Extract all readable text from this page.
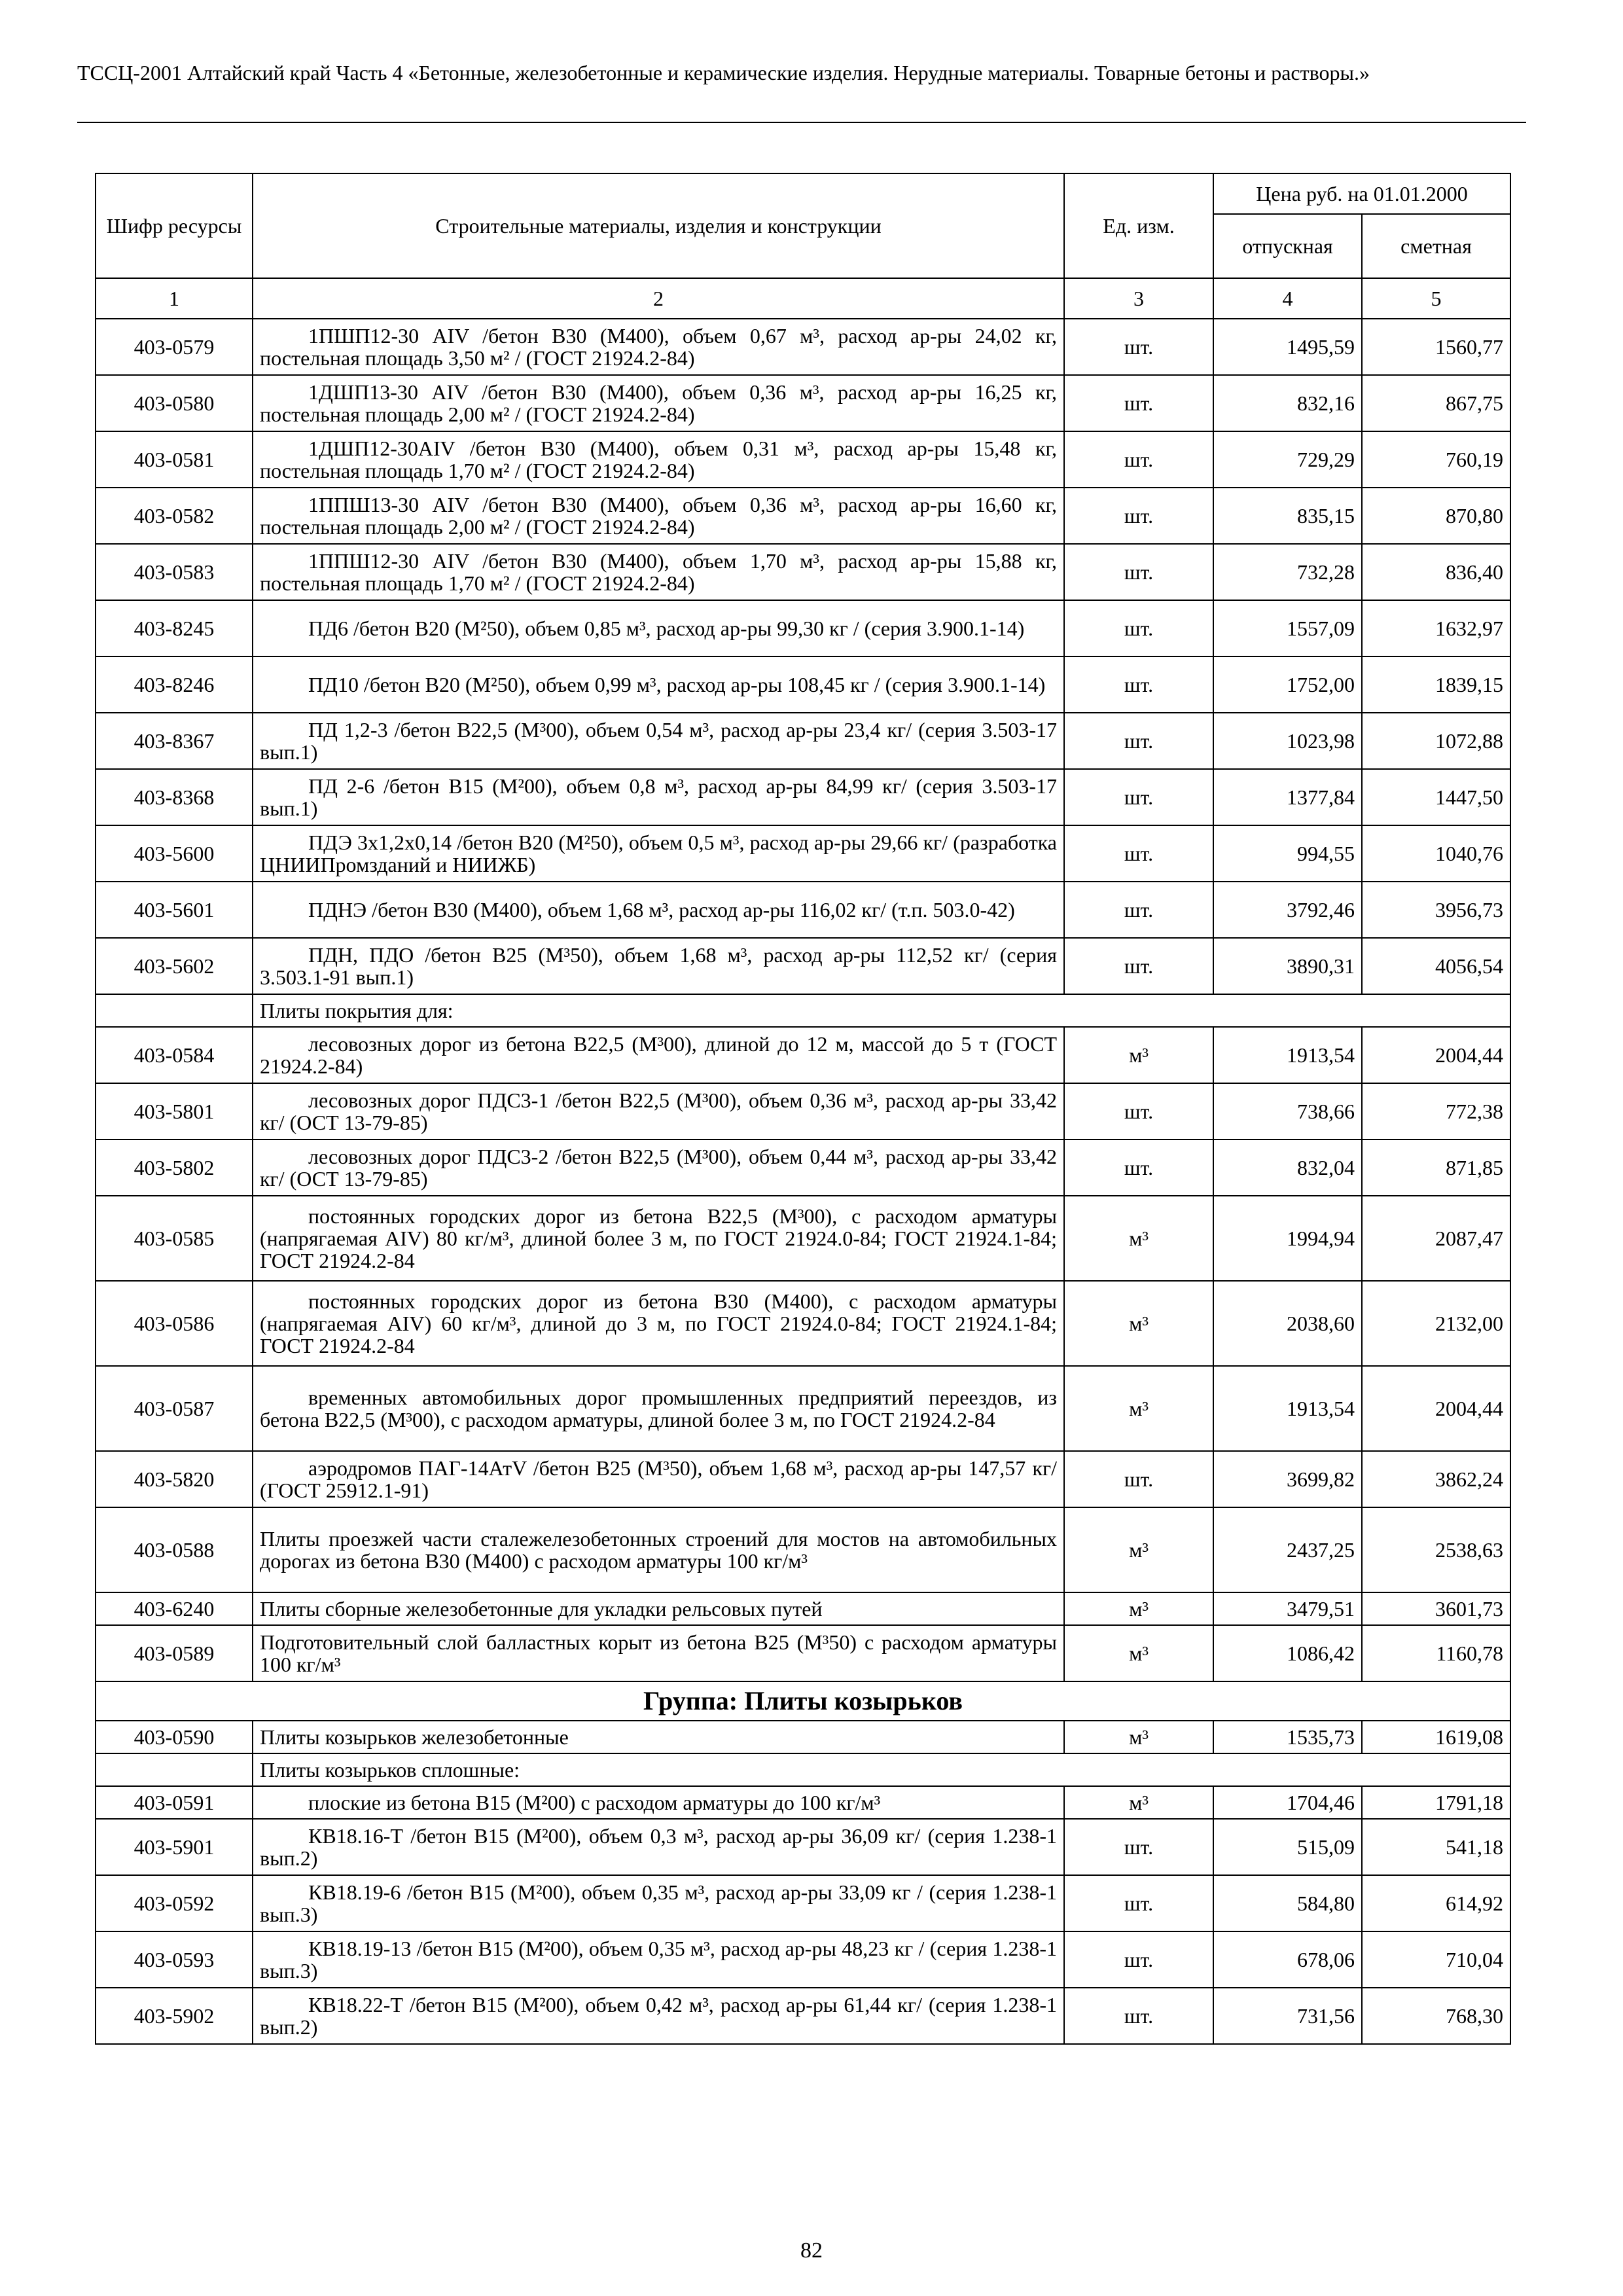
ТССЦ-2001 Алтайский край Часть 4 «Бетонные, железобетонные и керамические изделия. Нерудные материалы. Товарные бетоны и растворы.»
Шифр ресурсы	Строительные материалы, изделия и конструкции	Ед. изм.	Цена руб. на 01.01.2000	
			отпускная	сметная
1	2	3	4	5
403-0579	1ПШП12-30 AIV /бетон В30 (М400), объем 0,67 м³, расход ар-ры 24,02 кг, постельная площадь 3,50 м² / (ГОСТ 21924.2-84)	шт.	1495,59	1560,77
403-0580	1ДШП13-30 AIV /бетон В30 (М400), объем 0,36 м³, расход ар-ры 16,25 кг, постельная площадь 2,00 м² / (ГОСТ 21924.2-84)	шт.	832,16	867,75
403-0581	1ДШП12-30AIV /бетон В30 (М400), объем 0,31 м³, расход ар-ры 15,48 кг, постельная площадь 1,70 м² / (ГОСТ 21924.2-84)	шт.	729,29	760,19
403-0582	1ППШ13-30 AIV /бетон В30 (М400), объем 0,36 м³, расход ар-ры 16,60 кг, постельная площадь 2,00 м² / (ГОСТ 21924.2-84)	шт.	835,15	870,80
403-0583	1ППШ12-30 AIV /бетон В30 (М400), объем 1,70 м³, расход ар-ры 15,88 кг, постельная площадь 1,70 м² / (ГОСТ 21924.2-84)	шт.	732,28	836,40
403-8245	ПД6 /бетон В20 (М²50), объем 0,85 м³, расход ар-ры 99,30 кг / (серия 3.900.1-14)	шт.	1557,09	1632,97
403-8246	ПД10 /бетон В20 (М²50), объем 0,99 м³, расход ар-ры 108,45 кг / (серия 3.900.1-14)	шт.	1752,00	1839,15
403-8367	ПД 1,2-3 /бетон В22,5 (М³00), объем 0,54 м³, расход ар-ры 23,4 кг/ (серия 3.503-17 вып.1)	шт.	1023,98	1072,88
403-8368	ПД 2-6 /бетон В15 (М²00), объем 0,8 м³, расход ар-ры 84,99 кг/ (серия 3.503-17 вып.1)	шт.	1377,84	1447,50
403-5600	ПДЭ 3х1,2х0,14 /бетон В20 (М²50), объем 0,5 м³, расход ар-ры 29,66 кг/ (разработка ЦНИИПромзданий и НИИЖБ)	шт.	994,55	1040,76
403-5601	ПДНЭ /бетон В30 (М400), объем 1,68 м³, расход ар-ры 116,02 кг/ (т.п. 503.0-42)	шт.	3792,46	3956,73
403-5602	ПДН, ПДО /бетон В25 (М³50), объем 1,68 м³, расход ар-ры 112,52 кг/ (серия 3.503.1-91 вып.1)	шт.	3890,31	4056,54
	Плиты покрытия для:			
403-0584	лесовозных дорог из бетона В22,5 (М³00), длиной до 12 м, массой до 5 т (ГОСТ 21924.2-84)	м³	1913,54	2004,44
403-5801	лесовозных дорог ПДС3-1 /бетон В22,5 (М³00), объем 0,36 м³, расход ар-ры 33,42 кг/ (ОСТ 13-79-85)	шт.	738,66	772,38
403-5802	лесовозных дорог ПДС3-2 /бетон В22,5 (М³00), объем 0,44 м³, расход ар-ры 33,42 кг/ (ОСТ 13-79-85)	шт.	832,04	871,85
403-0585	постоянных городских дорог из бетона В22,5 (М³00), с расходом арматуры (напрягаемая AIV) 80 кг/м³, длиной более 3 м, по ГОСТ 21924.0-84; ГОСТ 21924.1-84; ГОСТ 21924.2-84	м³	1994,94	2087,47
403-0586	постоянных городских дорог из бетона В30 (М400), с расходом арматуры (напрягаемая AIV) 60 кг/м³, длиной до 3 м, по ГОСТ 21924.0-84; ГОСТ 21924.1-84; ГОСТ 21924.2-84	м³	2038,60	2132,00
403-0587	временных автомобильных дорог промышленных предприятий переездов, из бетона В22,5 (М³00), с расходом арматуры, длиной более 3 м, по ГОСТ 21924.2-84	м³	1913,54	2004,44
403-5820	аэродромов ПАГ-14АтV /бетон В25 (М³50), объем 1,68 м³, расход ар-ры 147,57 кг/ (ГОСТ 25912.1-91)	шт.	3699,82	3862,24
403-0588	Плиты проезжей части сталежелезобетонных строений для мостов на автомобильных дорогах из бетона В30 (М400) с расходом арматуры 100 кг/м³	м³	2437,25	2538,63
403-6240	Плиты сборные железобетонные для укладки рельсовых путей	м³	3479,51	3601,73
403-0589	Подготовительный слой балластных корыт из бетона В25 (М³50) с расходом арматуры 100 кг/м³	м³	1086,42	1160,78
Группа: Плиты козырьков				
403-0590	Плиты козырьков железобетонные	м³	1535,73	1619,08
	Плиты козырьков сплошные:			
403-0591	плоские из бетона В15 (М²00) с расходом арматуры до 100 кг/м³	м³	1704,46	1791,18
403-5901	КВ18.16-Т /бетон В15 (М²00), объем 0,3 м³, расход ар-ры 36,09 кг/ (серия 1.238-1 вып.2)	шт.	515,09	541,18
403-0592	КВ18.19-6 /бетон В15 (М²00), объем 0,35 м³, расход ар-ры 33,09 кг / (серия 1.238-1 вып.3)	шт.	584,80	614,92
403-0593	КВ18.19-13 /бетон В15 (М²00), объем 0,35 м³, расход ар-ры 48,23 кг / (серия 1.238-1 вып.3)	шт.	678,06	710,04
403-5902	КВ18.22-Т /бетон В15 (М²00), объем 0,42 м³, расход ар-ры 61,44 кг/ (серия 1.238-1 вып.2)	шт.	731,56	768,30
82
